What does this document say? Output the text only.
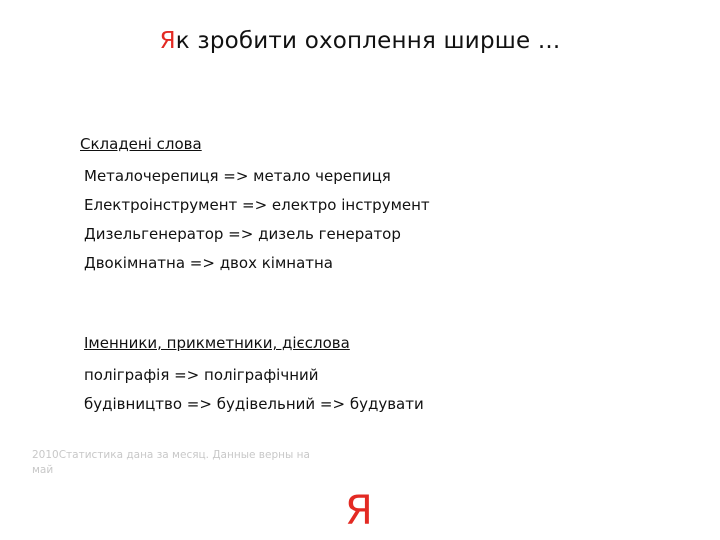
Як зробити охоплення ширше ...
Складені слова
Металочерепиця => метало черепиця
Електроінструмент => електро інструмент
Дизельгенератор => дизель генератор
Двокімнатна => двох кімнатна
Іменники, прикметники, дієслова
поліграфія => поліграфічний
будівництво => будівельний => будувати
2010Статистика дана за месяц. Данные верны на май
Я
